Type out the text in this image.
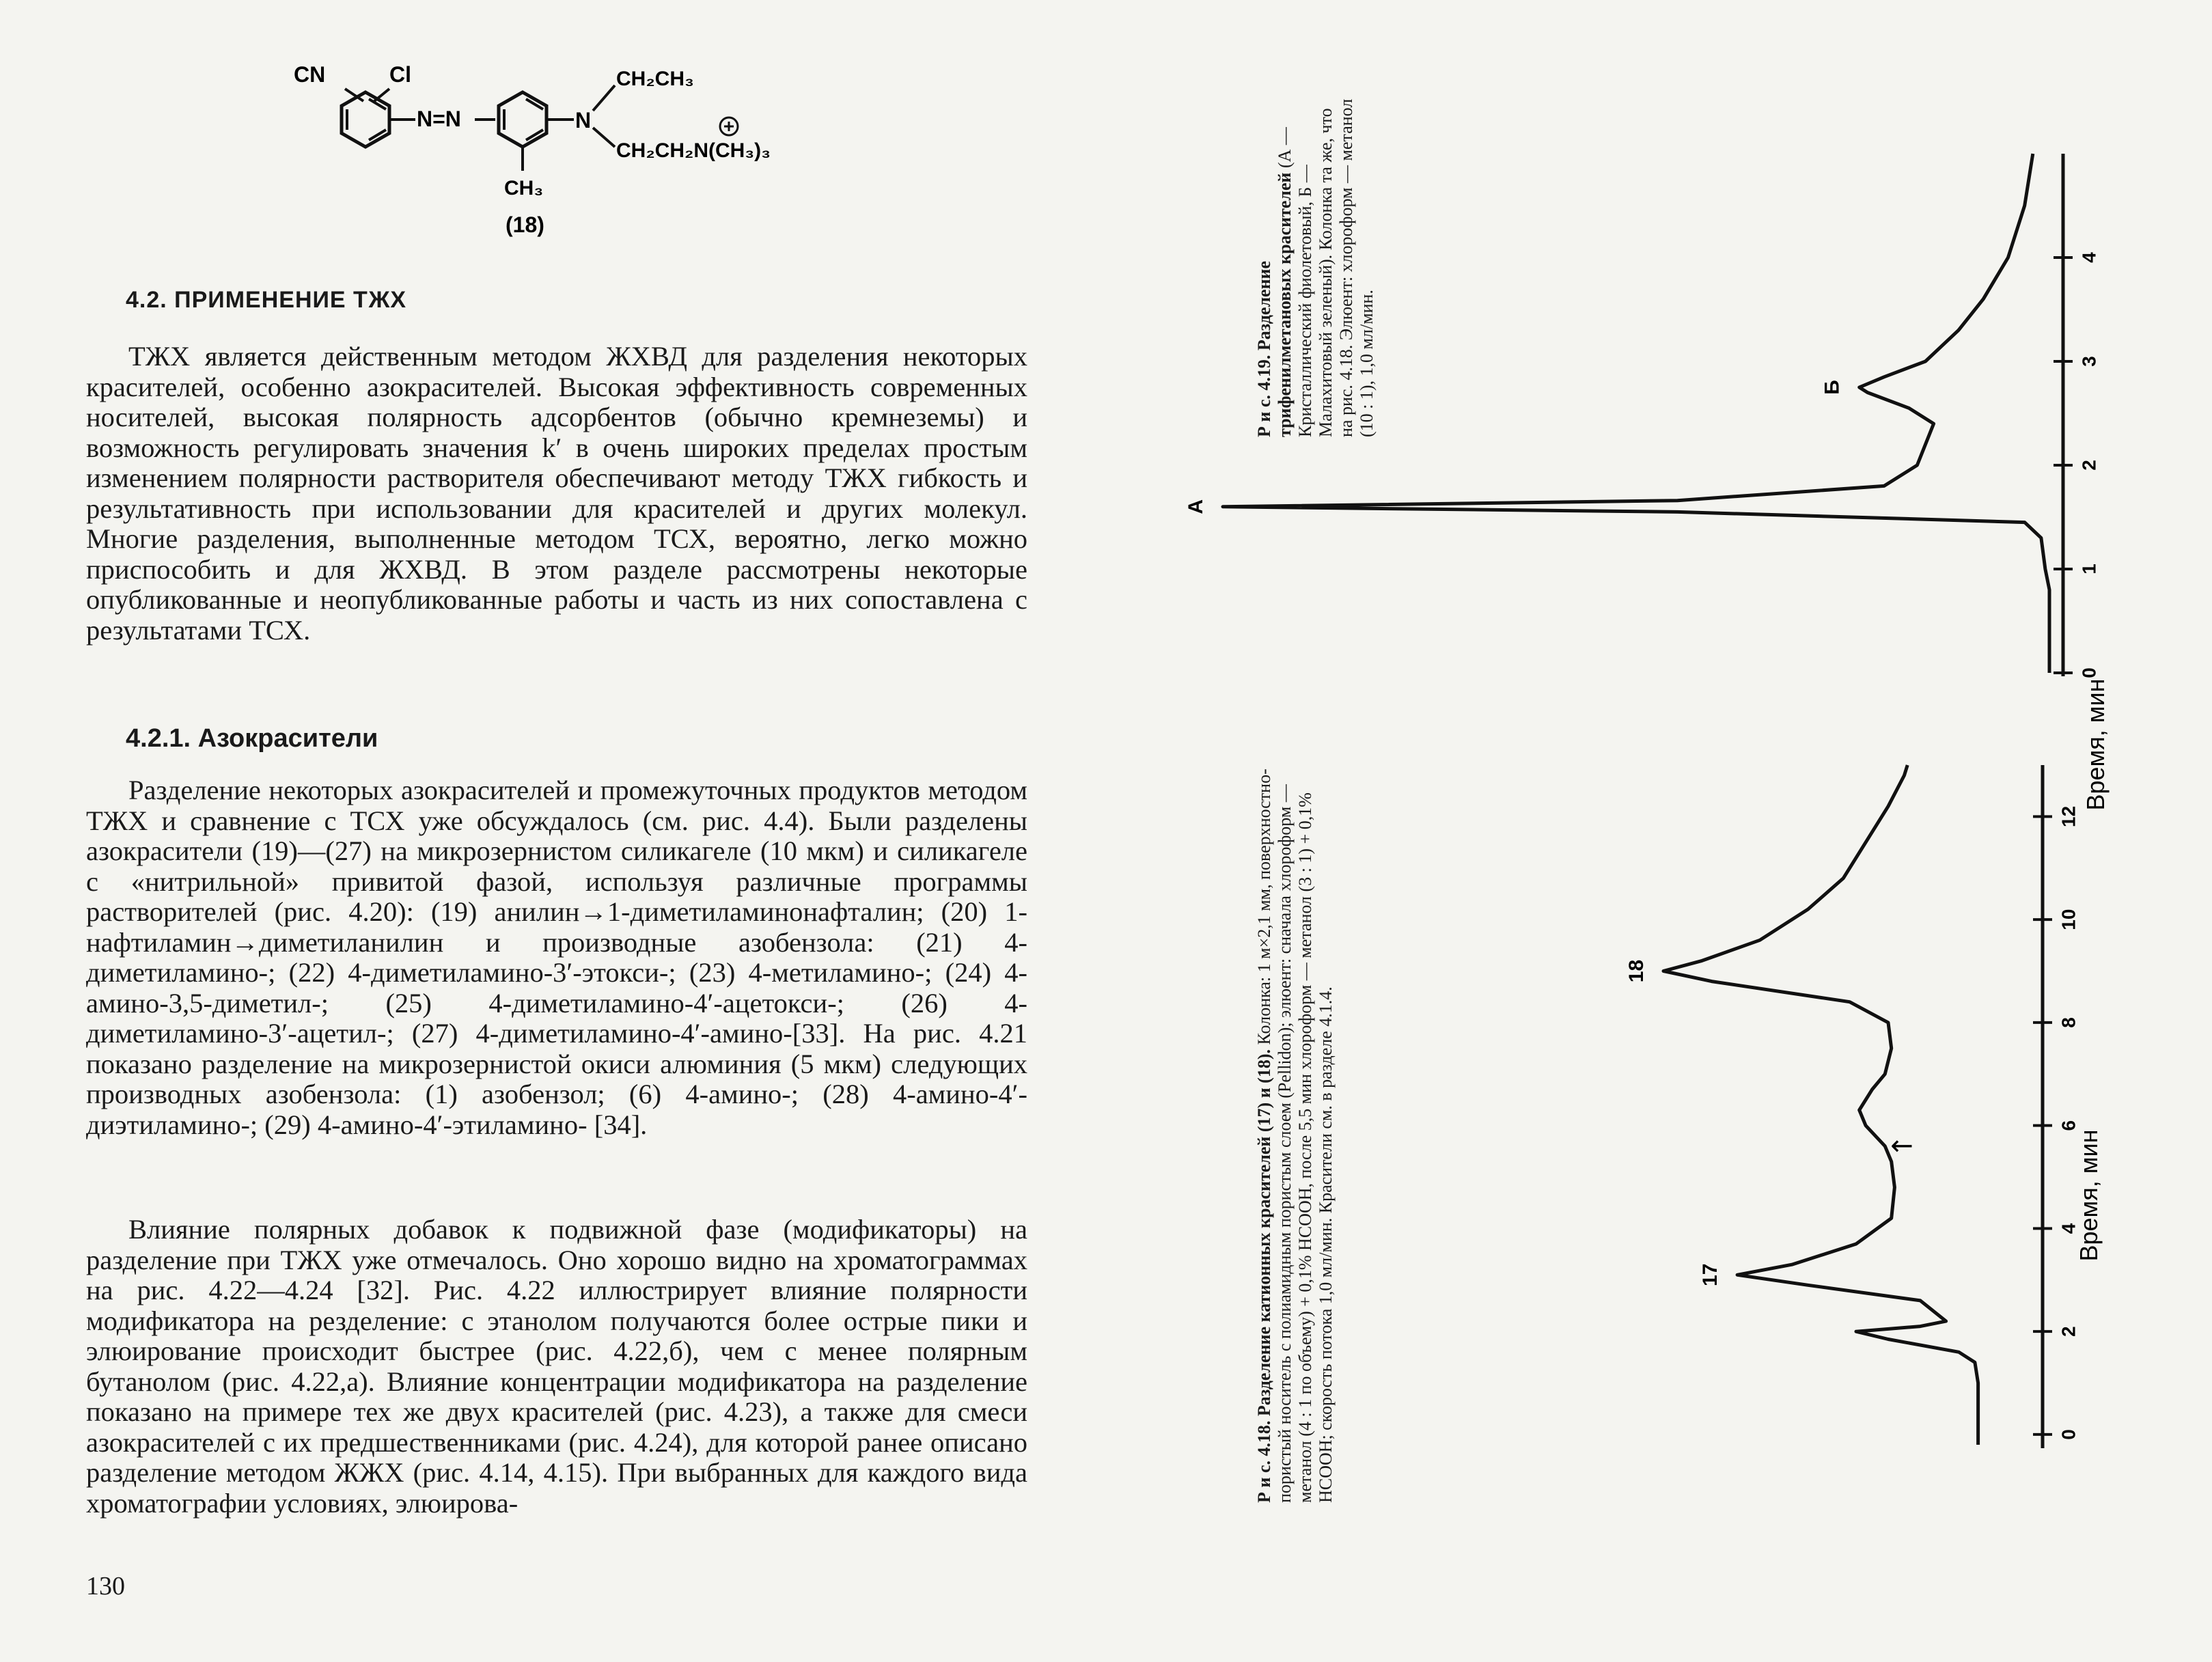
CN	Cl
N=N
CH₃
(18)
N
CH₂CH₃
CH₂CH₂N(CH₃)₃
4.2. ПРИМЕНЕНИЕ ТЖХ
ТЖХ является действенным методом ЖХВД для разделения некоторых красителей, особенно азокрасителей. Высокая эффективность современных носителей, высокая полярность адсорбентов (обычно кремнеземы) и возможность регулировать значения k′ в очень широких пределах простым изменением полярности растворителя обеспечивают методу ТЖХ гибкость и результативность при использовании для красителей и других молекул. Многие разделения, выполненные методом ТСХ, вероятно, легко можно приспособить и для ЖХВД. В этом разделе рассмотрены некоторые опубликованные и неопубликованные работы и часть из них сопоставлена с результатами ТСХ.
4.2.1. Азокрасители
Разделение некоторых азокрасителей и промежуточных продуктов методом ТЖХ и сравнение с ТСХ уже обсуждалось (см. рис. 4.4). Были разделены азокрасители (19)—(27) на микрозернистом силикагеле (10 мкм) и силикагеле с «нитрильной» привитой фазой, используя различные программы растворителей (рис. 4.20): (19) анилин→1-диметиламинонафталин; (20) 1-нафтиламин→диметиланилин и производные азобензола: (21) 4-диметиламино-; (22) 4-диметиламино-3′-этокси-; (23) 4-метиламино-; (24) 4-амино-3,5-диметил-; (25) 4-диметиламино-4′-ацетокси-; (26) 4-диметиламино-3′-ацетил-; (27) 4-диметиламино-4′-амино-[33]. На рис. 4.21 показано разделение на микрозернистой окиси алюминия (5 мкм) следующих производных азобензола: (1) азобензол; (6) 4-амино-; (28) 4-амино-4′-диэтиламино-; (29) 4-амино-4′-этиламино- [34].
Влияние полярных добавок к подвижной фазе (модификаторы) на разделение при ТЖХ уже отмечалось. Оно хорошо видно на хроматограммах на рис. 4.22—4.24 [32]. Рис. 4.22 иллюстрирует влияние полярности модификатора на резделение: с этанолом получаются более острые пики и элюирование происходит быстрее (рис. 4.22,б), чем с менее полярным бутанолом (рис. 4.22,а). Влияние концентрации модификатора на разделение показано на примере тех же двух красителей (рис. 4.23), а также для смеси азокрасителей с их предшественниками (рис. 4.24), для которой ранее описано разделение методом ЖЖХ (рис. 4.14, 4.15). При выбранных для каждого вида хроматографии условиях, элюирова-
130
Р и с. 4.19. Разделение трифенилметановых красителей (А — Кристаллический фиолетовый, Б — Малахитовый зеленый). Колонка та же, что на рис. 4.18. Элюент: хлороформ — метанол (10 : 1), 1,0 мл/мин.
Р и с. 4.18. Разделение катионных красителей (17) и (18). Колонка: 1 м×2,1 мм, поверхностно-пористый носитель с полиамидным пористым слоем (Pellidon); элюент: сначала хлороформ — метанол (4 : 1 по объему) + 0,1% HCOOH, после 5,5 мин хлороформ — метанол (3 : 1) + 0,1% HCOOH; скорость потока 1,0 мл/мин. Красители см. в разделе 4.1.4.
0
1
2
3
4
Время, мин
А
Б
0
2
4
6
8
10
12
Время, мин
17
18
↑
